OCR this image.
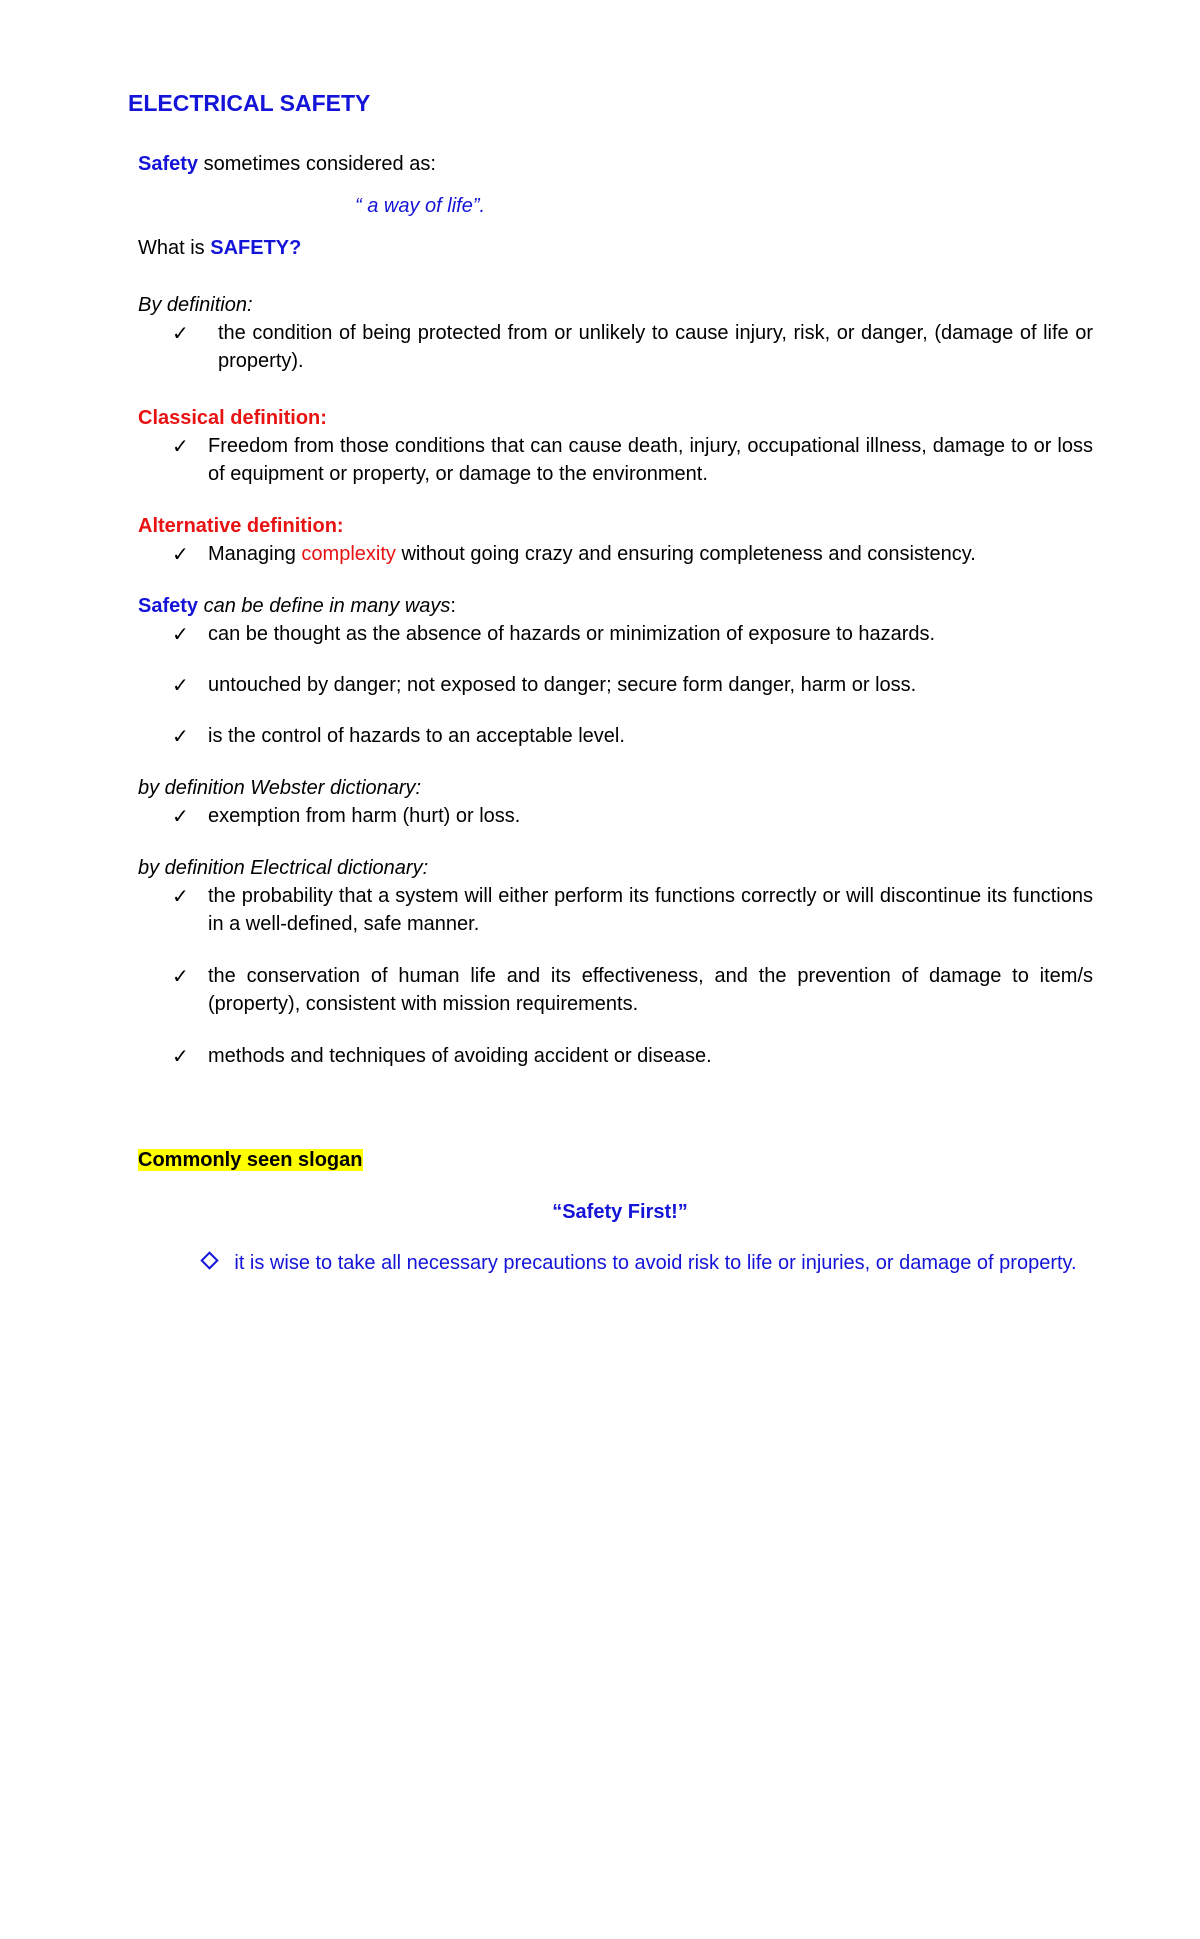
ELECTRICAL SAFETY
Safety sometimes considered as:
“ a way of life”.
What is SAFETY?
By definition:
✓ the condition of being protected from or unlikely to cause injury, risk, or danger, (damage of life or property).
Classical definition:
✓ Freedom from those conditions that can cause death, injury, occupational illness, damage to or loss of equipment or property, or damage to the environment.
Alternative definition:
✓ Managing complexity without going crazy and ensuring completeness and consistency.
Safety can be define in many ways:
✓ can be thought as the absence of hazards or minimization of exposure to hazards.
✓ untouched by danger; not exposed to danger; secure form danger, harm or loss.
✓ is the control of hazards to an acceptable level.
by definition Webster dictionary:
✓ exemption from harm (hurt) or loss.
by definition Electrical dictionary:
✓ the probability that a system will either perform its functions correctly or will discontinue its functions in a well-defined, safe manner.
✓ the conservation of human life and its effectiveness, and the prevention of damage to item/s (property), consistent with mission requirements.
✓ methods and techniques of avoiding accident or disease.
Commonly seen slogan
“Safety First!”
it is wise to take all necessary precautions to avoid risk to life or injuries, or damage of property.
